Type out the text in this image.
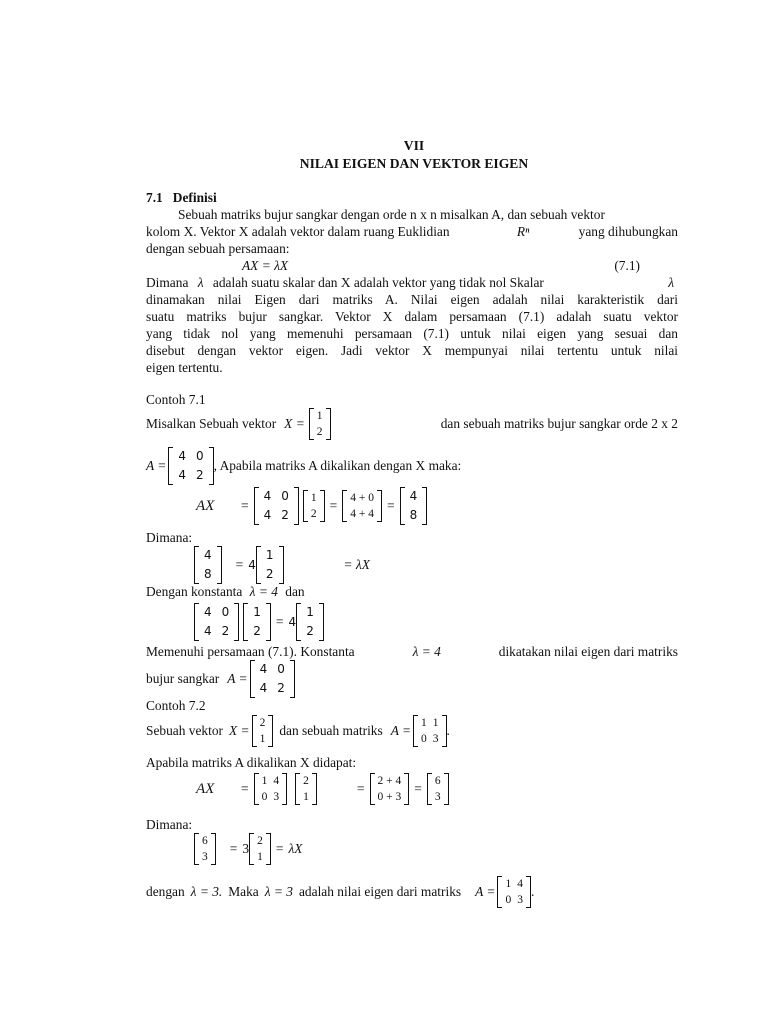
VII
NILAI EIGEN DAN VEKTOR EIGEN
7.1 Definisi
Sebuah matriks bujur sangkar dengan orde n x n misalkan A, dan sebuah vektor
kolom X. Vektor X adalah vektor dalam ruang Euklidian	Rⁿ	yang dihubungkan
dengan sebuah persamaan:
AX = λX	(7.1)
Dimana λ adalah suatu skalar dan X adalah vektor yang tidak nol Skalar	λ
dinamakan nilai Eigen dari matriks A. Nilai eigen adalah nilai karakteristik dari
suatu matriks bujur sangkar. Vektor X dalam persamaan (7.1) adalah suatu vektor
yang tidak nol yang memenuhi persamaan (7.1) untuk nilai eigen yang sesuai dan
disebut dengan vektor eigen. Jadi vektor X mempunyai nilai tertentu untuk nilai
eigen tertentu.
Contoh 7.1
Misalkan Sebuah vektor X =	1
2
dan sebuah matriks bujur sangkar orde 2 x 2
A =
4	0
4	2
, Apabila matriks A dikalikan dengan X maka:
AX	=
4	0
4	2
1
2
=	4 + 0
4 + 4
=
4
8
Dimana:
4
8
= 4
1
2
= λX
Dengan konstanta λ = 4 dan
4	0
4	2
1
2
= 4
1
2
Memenuhi persamaan (7.1). Konstanta	λ = 4	dikatakan nilai eigen dari matriks
bujur sangkar A =
4	0
4	2
Contoh 7.2
Sebuah vektor X = 2
1
dan sebuah matriks A = 1	1
0	3
.
Apabila matriks A dikalikan X didapat:
AX	=	1	4
0	3
2
1
=	2 + 4
0 + 3
=	6
3
Dimana:
6
3
= 3 2
1
= λX
dengan λ = 3. Maka λ = 3 adalah nilai eigen dari matriks	A = 1	4
0	3
.
